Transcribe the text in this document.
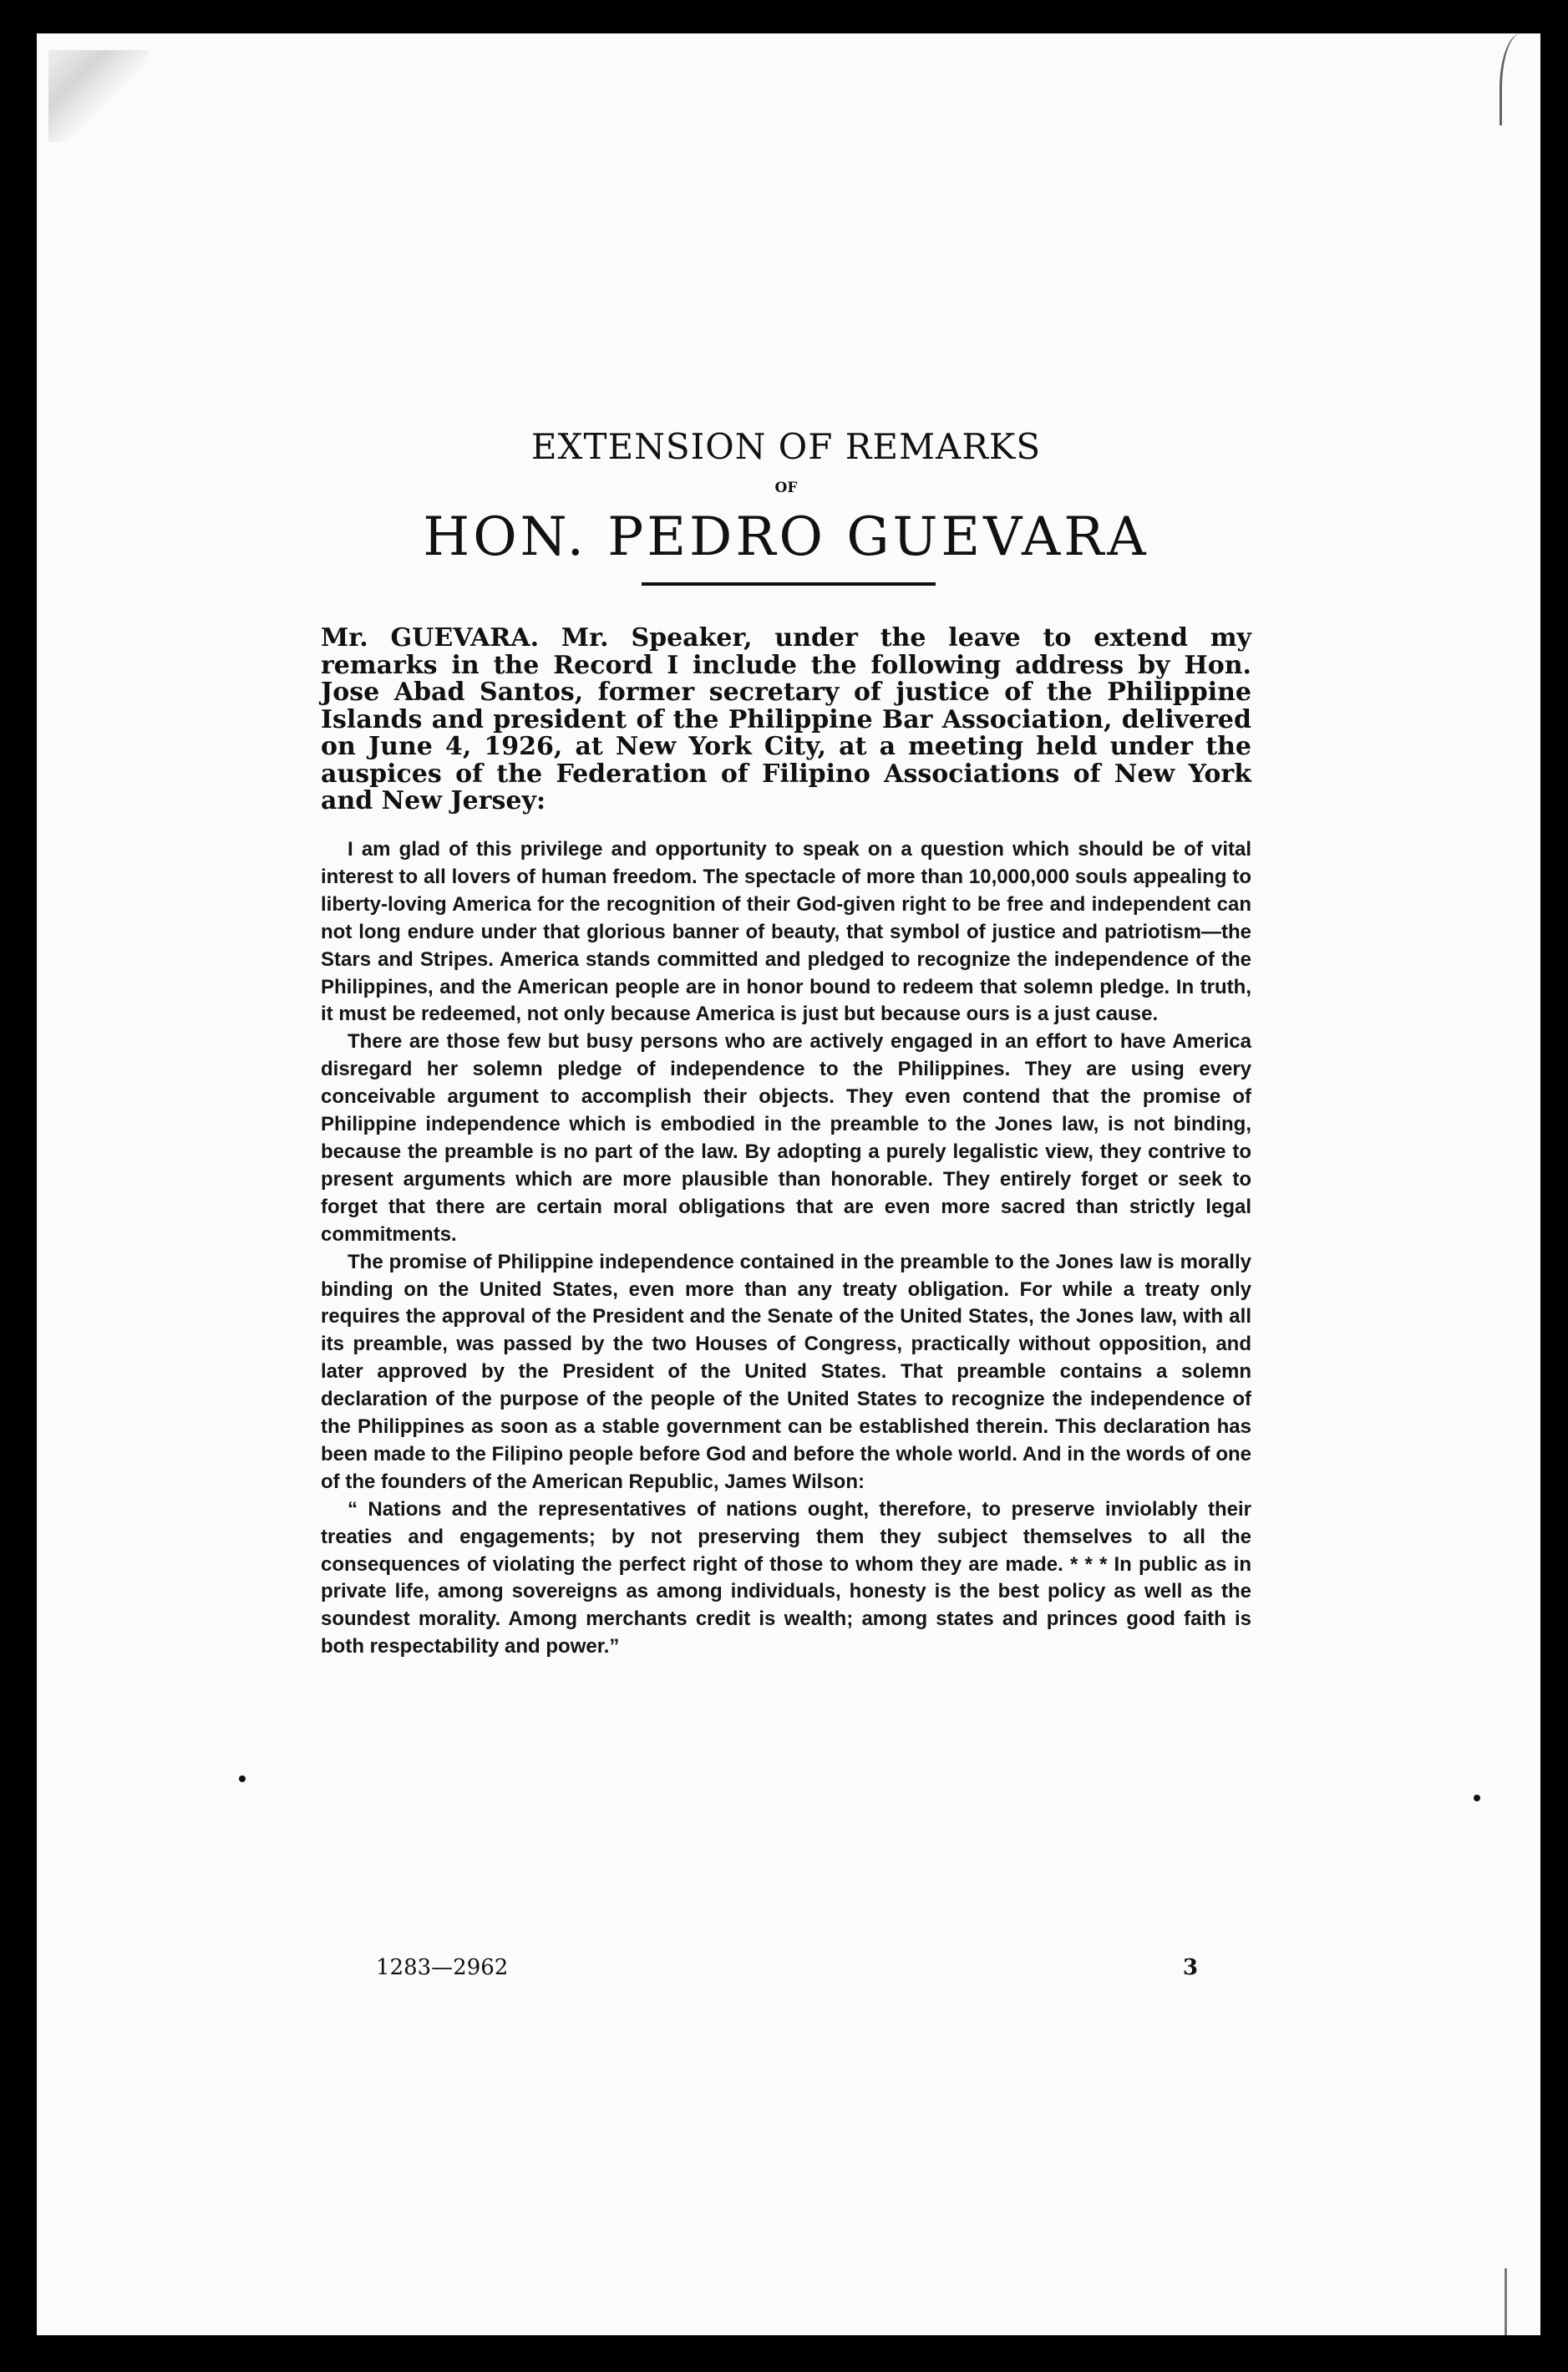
EXTENSION OF REMARKS
OF
HON. PEDRO GUEVARA
Mr. GUEVARA. Mr. Speaker, under the leave to extend my remarks in the Record I include the following address by Hon. Jose Abad Santos, former secretary of justice of the Philippine Islands and president of the Philippine Bar Association, delivered on June 4, 1926, at New York City, at a meeting held under the auspices of the Federation of Filipino Associations of New York and New Jersey:

I am glad of this privilege and opportunity to speak on a question which should be of vital interest to all lovers of human freedom. The spectacle of more than 10,000,000 souls appealing to liberty-loving America for the recognition of their God-given right to be free and independent can not long endure under that glorious banner of beauty, that symbol of justice and patriotism—the Stars and Stripes. America stands committed and pledged to recognize the independence of the Philippines, and the American people are in honor bound to redeem that solemn pledge. In truth, it must be redeemed, not only because America is just but because ours is a just cause.

There are those few but busy persons who are actively engaged in an effort to have America disregard her solemn pledge of independence to the Philippines. They are using every conceivable argument to accomplish their objects. They even contend that the promise of Philippine independence which is embodied in the preamble to the Jones law, is not binding, because the preamble is no part of the law. By adopting a purely legalistic view, they contrive to present arguments which are more plausible than honorable. They entirely forget or seek to forget that there are certain moral obligations that are even more sacred than strictly legal commitments.

The promise of Philippine independence contained in the preamble to the Jones law is morally binding on the United States, even more than any treaty obligation. For while a treaty only requires the approval of the President and the Senate of the United States, the Jones law, with all its preamble, was passed by the two Houses of Congress, practically without opposition, and later approved by the President of the United States. That preamble contains a solemn declaration of the purpose of the people of the United States to recognize the independence of the Philippines as soon as a stable government can be established therein. This declaration has been made to the Filipino people before God and before the whole world. And in the words of one of the founders of the American Republic, James Wilson:

“ Nations and the representatives of nations ought, therefore, to preserve inviolably their treaties and engagements; by not preserving them they subject themselves to all the consequences of violating the perfect right of those to whom they are made. * * * In public as in private life, among sovereigns as among individuals, honesty is the best policy as well as the soundest morality. Among merchants credit is wealth; among states and princes good faith is both respectability and power.”

1283—2962	3
